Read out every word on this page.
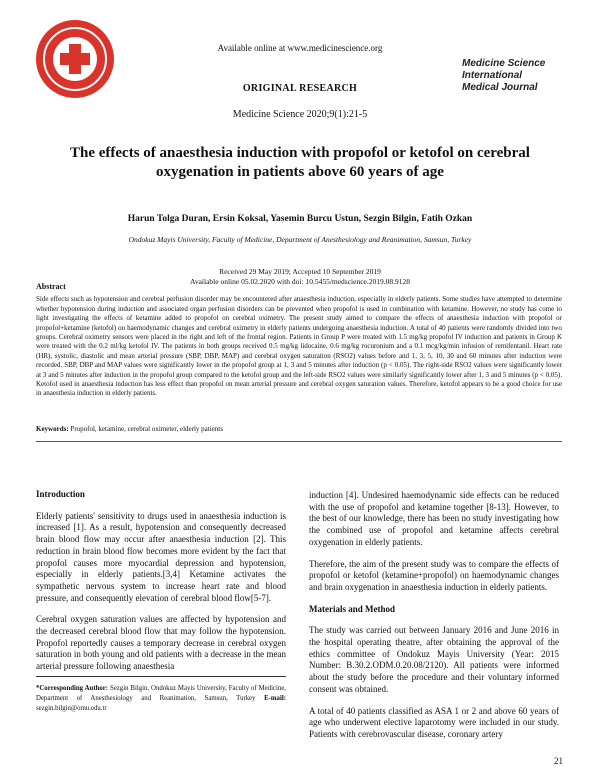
Available online at www.medicinescience.org
Medicine Science
International
Medical Journal
ORIGINAL RESEARCH
Medicine Science 2020;9(1):21-5
The effects of anaesthesia induction with propofol or ketofol on cerebral oxygenation in patients above 60 years of age
Harun Tolga Duran, Ersin Koksal, Yasemin Burcu Ustun, Sezgin Bilgin, Fatih Ozkan
Ondokuz Mayis University, Faculty of Medicine, Department of Anesthesiology and Reanimation, Samsun, Turkey
Received 29 May 2019; Accepted 10 September 2019
Available online 05.02.2020 with doi: 10.5455/medscience.2019.08.9128
Abstract
Side effects such as hypotension and cerebral perfusion disorder may be encountered after anaesthesia induction, especially in elderly patients. Some studies have attempted to determine whether hypotension during induction and associated organ perfusion disorders can be prevented when propofol is used in combination with ketamine. However, no study has come to light investigating the effects of ketamine added to propofol on cerebral oximetry. The present study aimed to compare the effects of anaesthesia induction with propofol or propofol+ketamine (ketofol) on haemodynamic changes and cerebral oximetry in elderly patients undergoing anaesthesia induction. A total of 40 patients were randomly divided into two groups. Cerebral oximetry sensors were placed in the right and left of the frontal region. Patients in Group P were treated with 1.5 mg/kg propofol IV induction and patients in Group K were treated with the 0.2 ml/kg ketofol IV. The patients in both groups received 0.5 mg/kg lidocaine, 0.6 mg/kg rocuronium and a 0.1 mcg/kg/min infusion of remifentanil. Heart rate (HR), systolic, diastolic and mean arterial pressure (SBP, DBP, MAP) and cerebral oxygen saturation (RSO2) values before and 1, 3, 5, 10, 30 and 60 minutes after induction were recorded. SBP, DBP and MAP values were significantly lower in the propofol group at 1, 3 and 5 minutes after induction (p < 0.05). The right-side RSO2 values were significantly lower at 3 and 5 minutes after induction in the propofol group compared to the ketofol group and the left-side RSO2 values were similarly significantly lower after 1, 3 and 5 minutes (p < 0.05). Ketofol used in anaesthesia induction has less effect than propofol on mean arterial pressure and cerebral oxygen saturation values. Therefore, ketofol appears to be a good choice for use in anaesthesia induction in elderly patients.
Keywords: Propofol, ketamine, cerebral oximeter, elderly patients
Introduction

Elderly patients' sensitivity to drugs used in anaesthesia induction is increased [1]. As a result, hypotension and consequently decreased brain blood flow may occur after anaesthesia induction [2]. This reduction in brain blood flow becomes more evident by the fact that propofol causes more myocardial depression and hypotension, especially in elderly patients.[3,4] Ketamine activates the sympathetic nervous system to increase heart rate and blood pressure, and consequently elevation of cerebral blood flow[5-7].

Cerebral oxygen saturation values are affected by hypotension and the decreased cerebral blood flow that may follow the hypotension. Propofol reportedly causes a temporary decrease in cerebral oxygen saturation in both young and old patients with a decrease in the mean arterial pressure following anaesthesia

induction [4]. Undesired haemodynamic side effects can be reduced with the use of propofol and ketamine together [8-13]. However, to the best of our knowledge, there has been no study investigating how the combined use of propofol and ketamine affects cerebral oxygenation in elderly patients.

Therefore, the aim of the present study was to compare the effects of propofol or ketofol (ketamine+propofol) on haemodynamic changes and brain oxygenation in anaesthesia induction in elderly patients.

Materials and Method

The study was carried out between January 2016 and June 2016 in the hospital operating theatre, after obtaining the approval of the ethics committee of Ondokuz Mayis University (Year: 2015 Number: B.30.2.ODM.0.20.08/2120). All patients were informed about the study before the procedure and their voluntary informed consent was obtained.

A total of 40 patients classified as ASA 1 or 2 and above 60 years of age who underwent elective laparotomy were included in our study. Patients with cerebrovascular disease, coronary artery

*Corresponding Author: Sezgin Bilgin, Ondokuz Mayis University, Faculty of Medicine, Department of Anesthesiology and Reanimation, Samsun, Turkey E-mail: sezgin.bilgin@omu.edu.tr
21
